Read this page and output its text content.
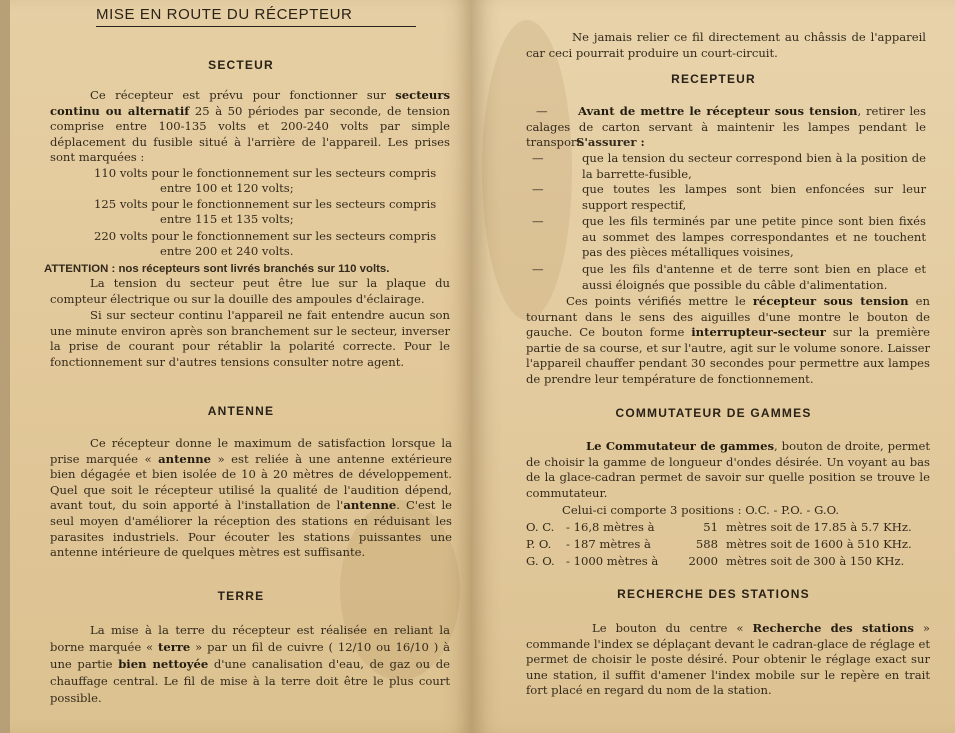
MISE EN ROUTE DU RÉCEPTEUR
SECTEUR
Ce récepteur est prévu pour fonctionner sur secteurs continu ou alternatif 25 à 50 périodes par seconde, de tension comprise entre 100-135 volts et 200-240 volts par simple déplacement du fusible situé à l'arrière de l'appareil. Les prises sont marquées :
110 volts pour le fonctionnement sur les secteurs compris
entre 100 et 120 volts;
125 volts pour le fonctionnement sur les secteurs compris
entre 115 et 135 volts;
220 volts pour le fonctionnement sur les secteurs compris
entre 200 et 240 volts.
ATTENTION : nos récepteurs sont livrés branchés sur 110 volts.
La tension du secteur peut être lue sur la plaque du compteur électrique ou sur la douille des ampoules d'éclairage.
Si sur secteur continu l'appareil ne fait entendre aucun son une minute environ après son branchement sur le secteur, inverser la prise de courant pour rétablir la polarité correcte. Pour le fonctionnement sur d'autres tensions consulter notre agent.
ANTENNE
Ce récepteur donne le maximum de satisfaction lorsque la prise marquée « antenne » est reliée à une antenne extérieure bien dégagée et bien isolée de 10 à 20 mètres de développement. Quel que soit le récepteur utilisé la qualité de l'audition dépend, avant tout, du soin apporté à l'installation de l'antenne. C'est le seul moyen d'améliorer la réception des stations en réduisant les parasites industriels. Pour écouter les stations puissantes une antenne intérieure de quelques mètres est suffisante.
TERRE
La mise à la terre du récepteur est réalisée en reliant la borne marquée « terre » par un fil de cuivre ( 12/10 ou 16/10 ) à une partie bien nettoyée d'une canalisation d'eau, de gaz ou de chauffage central. Le fil de mise à la terre doit être le plus court possible.
Ne jamais relier ce fil directement au châssis de l'appareil car ceci pourrait produire un court-circuit.
RECEPTEUR
—	Avant de mettre le récepteur sous tension, retirer les calages de carton servant à maintenir les lampes pendant le transport.
S'assurer :
—	que la tension du secteur correspond bien à la position de la barrette-fusible,
—	que toutes les lampes sont bien enfoncées sur leur support respectif,
—	que les fils terminés par une petite pince sont bien fixés au sommet des lampes correspondantes et ne touchent pas des pièces métalliques voisines,
—	que les fils d'antenne et de terre sont bien en place et aussi éloignés que possible du câble d'alimentation.
Ces points vérifiés mettre le récepteur sous tension en tournant dans le sens des aiguilles d'une montre le bouton de gauche. Ce bouton forme interrupteur-secteur sur la première partie de sa course, et sur l'autre, agit sur le volume sonore. Laisser l'appareil chauffer pendant 30 secondes pour permettre aux lampes de prendre leur température de fonctionnement.
COMMUTATEUR DE GAMMES
Le Commutateur de gammes, bouton de droite, permet de choisir la gamme de longueur d'ondes désirée. Un voyant au bas de la glace-cadran permet de savoir sur quelle position se trouve le commutateur.
Celui-ci comporte 3 positions : O.C. - P.O. - G.O.
O. C. - 16,8 mètres à	51 mètres soit de 17.85 à 5.7 KHz.
P. O. - 187 mètres à	588 mètres soit de 1600 à 510 KHz.
G. O. - 1000 mètres à	2000 mètres soit de 300 à 150 KHz.
RECHERCHE DES STATIONS
Le bouton du centre « Recherche des stations » commande l'index se déplaçant devant le cadran-glace de réglage et permet de choisir le poste désiré. Pour obtenir le réglage exact sur une station, il suffit d'amener l'index mobile sur le repère en trait fort placé en regard du nom de la station.
